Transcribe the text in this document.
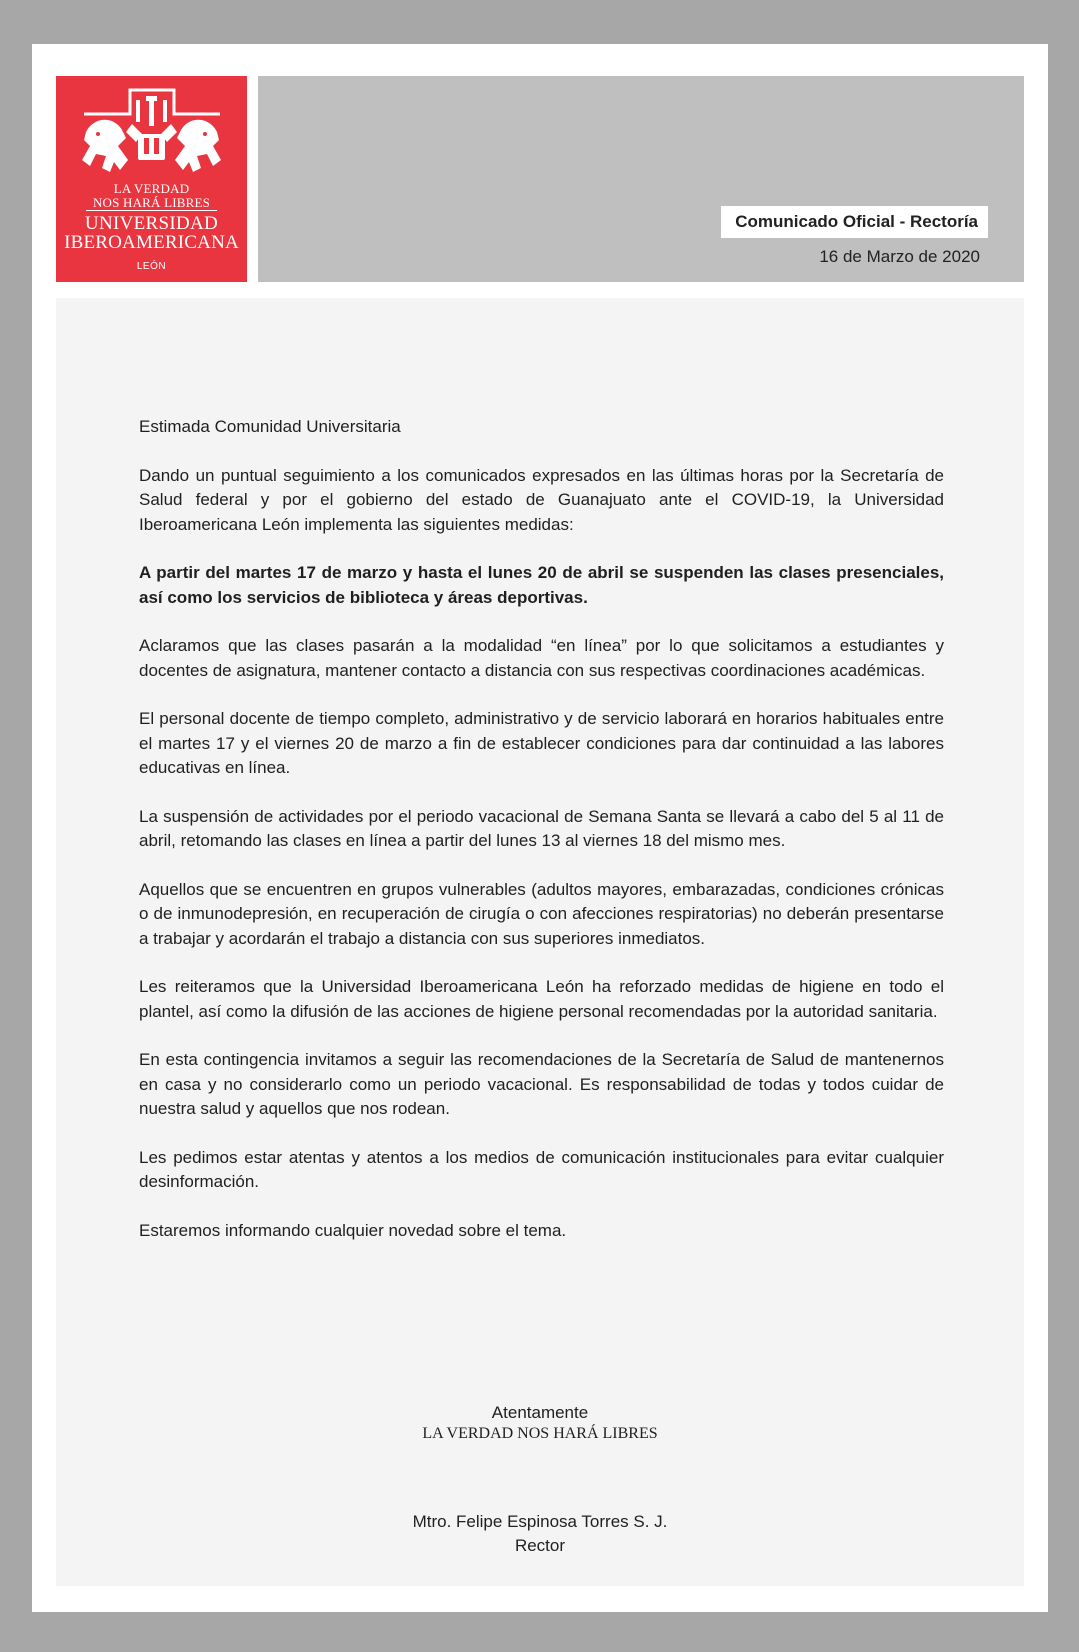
LA VERDAD
NOS HARÁ LIBRES
UNIVERSIDAD
IBEROAMERICANA
LEÓN
Comunicado Oficial - Rectoría
16 de Marzo de 2020

Estimada Comunidad Universitaria

Dando un puntual seguimiento a los comunicados expresados en las últimas horas por la Secretaría de Salud federal y por el gobierno del estado de Guanajuato ante el COVID-19, la Universidad Iberoamericana León implementa las siguientes medidas:

A partir del martes 17 de marzo y hasta el lunes 20 de abril se suspenden las clases presenciales, así como los servicios de biblioteca y áreas deportivas.

Aclaramos que las clases pasarán a la modalidad “en línea” por lo que solicitamos a estudiantes y docentes de asignatura, mantener contacto a distancia con sus respectivas coordinaciones académicas.

El personal docente de tiempo completo, administrativo y de servicio laborará en horarios habituales entre el martes 17 y el viernes 20 de marzo a fin de establecer condiciones para dar continuidad a las labores educativas en línea.

La suspensión de actividades por el periodo vacacional de Semana Santa se llevará a cabo del 5 al 11 de abril, retomando las clases en línea a partir del lunes 13 al viernes 18 del mismo mes.

Aquellos que se encuentren en grupos vulnerables (adultos mayores, embarazadas, condiciones crónicas o de inmunodepresión, en recuperación de cirugía o con afecciones respiratorias) no deberán presentarse a trabajar y acordarán el trabajo a distancia con sus superiores inmediatos.

Les reiteramos que la Universidad Iberoamericana León ha reforzado medidas de higiene en todo el plantel, así como la difusión de las acciones de higiene personal recomendadas por la autoridad sanitaria.

En esta contingencia invitamos a seguir las recomendaciones de la Secretaría de Salud de mantenernos en casa y no considerarlo como un periodo vacacional. Es responsabilidad de todas y todos cuidar de nuestra salud y aquellos que nos rodean.

Les pedimos estar atentas y atentos a los medios de comunicación institucionales para evitar cualquier desinformación.

Estaremos informando cualquier novedad sobre el tema.

Atentamente
LA VERDAD NOS HARÁ LIBRES
Mtro. Felipe Espinosa Torres S. J.
Rector
